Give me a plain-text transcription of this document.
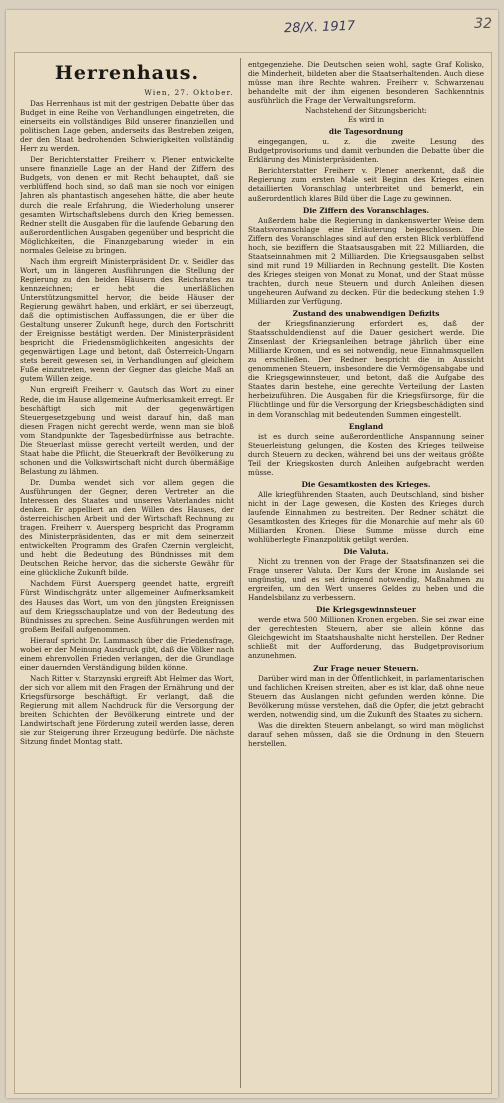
28/X. 1917	32
Herrenhaus.
Wien, 27. Oktober.

Das Herrenhaus ist mit der gestrigen Debatte über das Budget in eine Reihe von Verhandlungen eingetreten, die einerseits ein vollständiges Bild unserer finanziellen und politischen Lage geben, anderseits das Bestreben zeigen, der den Staat bedrohenden Schwierigkeiten vollständig Herr zu werden.

Der Berichterstatter Freiherr v. Plener entwickelte unsere finanzielle Lage an der Hand der Ziffern des Budgets, von denen er mit Recht behauptet, daß sie verblüffend hoch sind, so daß man sie noch vor einigen Jahren als phantastisch angesehen hätte, die aber heute durch die reale Erfahrung, die Wiederholung unserer gesamten Wirtschaftslebens durch den Krieg bemessen. Redner stellt die Ausgaben für die laufende Gebarung den außerordentlichen Ausgaben gegenüber und bespricht die Möglichkeiten, die Finanzgebarung wieder in ein normales Geleise zu bringen.

Nach ihm ergreift Ministerpräsident Dr. v. Seidler das Wort, um in längeren Ausführungen die Stellung der Regierung zu den beiden Häusern des Reichsrates zu kennzeichnen; er hebt die unerläßlichen Unterstützungsmittel hervor, die beide Häuser der Regierung gewährt haben, und erklärt, er sei überzeugt, daß die optimistischen Auffassungen, die er über die Gestaltung unserer Zukunft hege, durch den Fortschritt der Ereignisse bestätigt werden. Der Ministerpräsident bespricht die Friedensmöglichkeiten angesichts der gegenwärtigen Lage und betont, daß Österreich-Ungarn stets bereit gewesen sei, in Verhandlungen auf gleichem Fuße einzutreten, wenn der Gegner das gleiche Maß an gutem Willen zeige.

Nun ergreift Freiherr v. Gautsch das Wort zu einer Rede, die im Hause allgemeine Aufmerksamkeit erregt. Er beschäftigt sich mit der gegenwärtigen Steuergesetzgebung und weist darauf hin, daß man diesen Fragen nicht gerecht werde, wenn man sie bloß vom Standpunkte der Tagesbedürfnisse aus betrachte. Die Steuerlast müsse gerecht verteilt werden, und der Staat habe die Pflicht, die Steuerkraft der Bevölkerung zu schonen und die Volkswirtschaft nicht durch übermäßige Belastung zu lähmen.

Dr. Dumba wendet sich vor allem gegen die Ausführungen der Gegner, deren Vertreter an die Interessen des Staates und unseres Vaterlandes nicht denken. Er appelliert an den Willen des Hauses, der österreichischen Arbeit und der Wirtschaft Rechnung zu tragen. Freiherr v. Auersperg bespricht das Programm des Ministerpräsidenten, das er mit dem seinerzeit entwickelten Programm des Grafen Czernin vergleicht, und hebt die Bedeutung des Bündnisses mit dem Deutschen Reiche hervor, das die sicherste Gewähr für eine glückliche Zukunft bilde.

Nachdem Fürst Auersperg geendet hatte, ergreift Fürst Windischgrätz unter allgemeiner Aufmerksamkeit des Hauses das Wort, um von den jüngsten Ereignissen auf dem Kriegsschauplatze und von der Bedeutung des Bündnisses zu sprechen. Seine Ausführungen werden mit großem Beifall aufgenommen.

Hierauf spricht Dr. Lammasch über die Friedensfrage, wobei er der Meinung Ausdruck gibt, daß die Völker nach einem ehrenvollen Frieden verlangen, der die Grundlage einer dauernden Verständigung bilden könne.

Nach Ritter v. Starzynski ergreift Abt Helmer das Wort, der sich vor allem mit den Fragen der Ernährung und der Kriegsfürsorge beschäftigt. Er verlangt, daß die Regierung mit allem Nachdruck für die Versorgung der breiten Schichten der Bevölkerung eintrete und der Landwirtschaft jene Förderung zuteil werden lasse, deren sie zur Steigerung ihrer Erzeugung bedürfe. Die nächste Sitzung findet Montag statt.

entgegenziehe. Die Deutschen seien wohl, sagte Graf Kolisko, die Minderheit, bildeten aber die Staatserhaltenden. Auch diese müsse man ihre Rechte wahren. Freiherr v. Schwarzenau behandelte mit der ihm eigenen besonderen Sachkenntnis ausführlich die Frage der Verwaltungsreform.

Nachstehend der Sitzungsbericht:
Es wird in
die Tagesordnung

eingegangen, u. z. die zweite Lesung des Budgetprovisoriums und damit verbunden die Debatte über die Erklärung des Ministerpräsidenten.

Berichterstatter Freiherr v. Plener anerkennt, daß die Regierung zum ersten Male seit Beginn des Krieges einen detaillierten Voranschlag unterbreitet und bemerkt, ein außerordentlich klares Bild über die Lage zu gewinnen.

Die Ziffern des Voranschlages.

Außerdem habe die Regierung in dankenswerter Weise dem Staatsvoranschlage eine Erläuterung beigeschlossen. Die Ziffern des Voranschlages sind auf den ersten Blick verblüffend hoch, sie beziffern die Staatsausgaben mit 22 Milliarden, die Staatseinnahmen mit 2 Milliarden. Die Kriegsausgaben selbst sind mit rund 19 Milliarden in Rechnung gestellt. Die Kosten des Krieges steigen von Monat zu Monat, und der Staat müsse trachten, durch neue Steuern und durch Anleihen diesen ungeheuren Aufwand zu decken. Für die bedeckung stehen 1.9 Milliarden zur Verfügung.

Zustand des unabwendigen Defizits

der Kriegsfinanzierung erfordert es, daß der Staatsschuldendienst auf die Dauer gesichert werde. Die Zinsenlast der Kriegsanleihen betrage jährlich über eine Milliarde Kronen, und es sei notwendig, neue Einnahmsquellen zu erschließen. Der Redner bespricht die in Aussicht genommenen Steuern, insbesondere die Vermögensabgabe und die Kriegsgewinnsteuer, und betont, daß die Aufgabe des Staates darin bestehe, eine gerechte Verteilung der Lasten herbeizuführen. Die Ausgaben für die Kriegsfürsorge, für die Flüchtlinge und für die Versorgung der Kriegsbeschädigten sind in dem Voranschlag mit bedeutenden Summen eingestellt.

England

ist es durch seine außerordentliche Anspannung seiner Steuerleistung gelungen, die Kosten des Krieges teilweise durch Steuern zu decken, während bei uns der weitaus größte Teil der Kriegskosten durch Anleihen aufgebracht werden müsse.

Die Gesamtkosten des Krieges.

Alle kriegführenden Staaten, auch Deutschland, sind bisher nicht in der Lage gewesen, die Kosten des Krieges durch laufende Einnahmen zu bestreiten. Der Redner schätzt die Gesamtkosten des Krieges für die Monarchie auf mehr als 60 Milliarden Kronen. Diese Summe müsse durch eine wohlüberlegte Finanzpolitik getilgt werden.

Die Valuta.

Nicht zu trennen von der Frage der Staatsfinanzen sei die Frage unserer Valuta. Der Kurs der Krone im Auslande sei ungünstig, und es sei dringend notwendig, Maßnahmen zu ergreifen, um den Wert unseres Geldes zu heben und die Handelsbilanz zu verbessern.

Die Kriegsgewinnsteuer

werde etwa 500 Millionen Kronen ergeben. Sie sei zwar eine der gerechtesten Steuern, aber sie allein könne das Gleichgewicht im Staatshaushalte nicht herstellen. Der Redner schließt mit der Aufforderung, das Budgetprovisorium anzunehmen.

Zur Frage neuer Steuern.

Darüber wird man in der Öffentlichkeit, in parlamentarischen und fachlichen Kreisen streiten, aber es ist klar, daß ohne neue Steuern das Auslangen nicht gefunden werden könne. Die Bevölkerung müsse verstehen, daß die Opfer, die jetzt gebracht werden, notwendig sind, um die Zukunft des Staates zu sichern.

Was die direkten Steuern anbelangt, so wird man möglichst darauf sehen müssen, daß sie die Ordnung in den Steuern herstellen.
